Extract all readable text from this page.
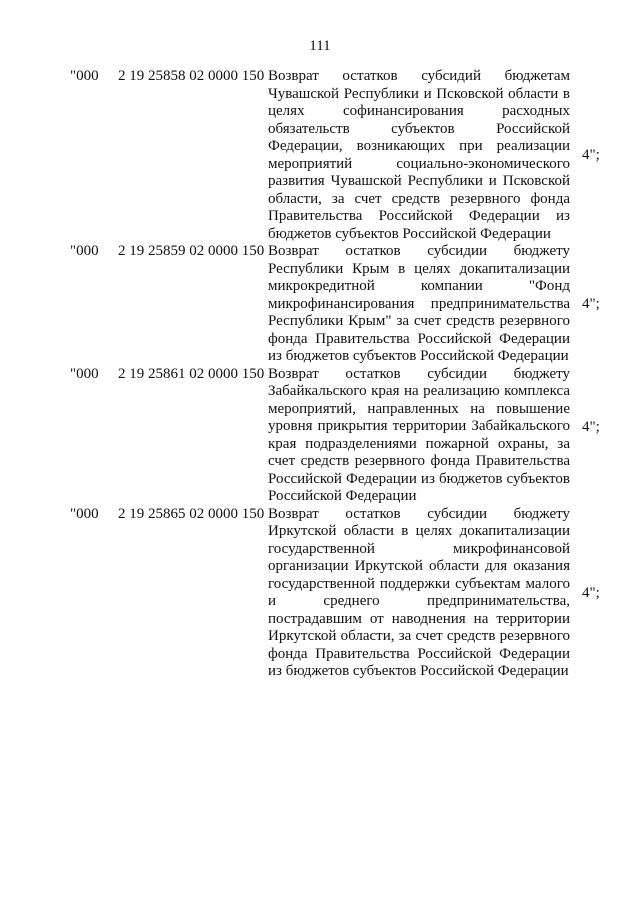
111
"000	2 19 25858 02 0000 150 Возврат остатков субсидий бюджетам Чувашской Республики и Псковской области в целях софинансирования расходных обязательств субъектов Российской Федерации, возникающих при реализации мероприятий социально-экономического развития Чувашской Республики и Псковской области, за счет средств резервного фонда Правительства Российской Федерации из бюджетов субъектов Российской Федерации
4";
"000	2 19 25859 02 0000 150 Возврат остатков субсидии бюджету Республики Крым в целях докапитализации микрокредитной компании "Фонд микрофинансирования предпринимательства Республики Крым" за счет средств резервного фонда Правительства Российской Федерации из бюджетов субъектов Российской Федерации
4";
"000	2 19 25861 02 0000 150 Возврат остатков субсидии бюджету Забайкальского края на реализацию комплекса мероприятий, направленных на повышение уровня прикрытия территории Забайкальского края подразделениями пожарной охраны, за счет средств резервного фонда Правительства Российской Федерации из бюджетов субъектов Российской Федерации
4";
"000	2 19 25865 02 0000 150 Возврат остатков субсидии бюджету Иркутской области в целях докапитализации государственной микрофинансовой организации Иркутской области для оказания государственной поддержки субъектам малого и среднего предпринимательства, пострадавшим от наводнения на территории Иркутской области, за счет средств резервного фонда Правительства Российской Федерации из бюджетов субъектов Российской Федерации
4";
